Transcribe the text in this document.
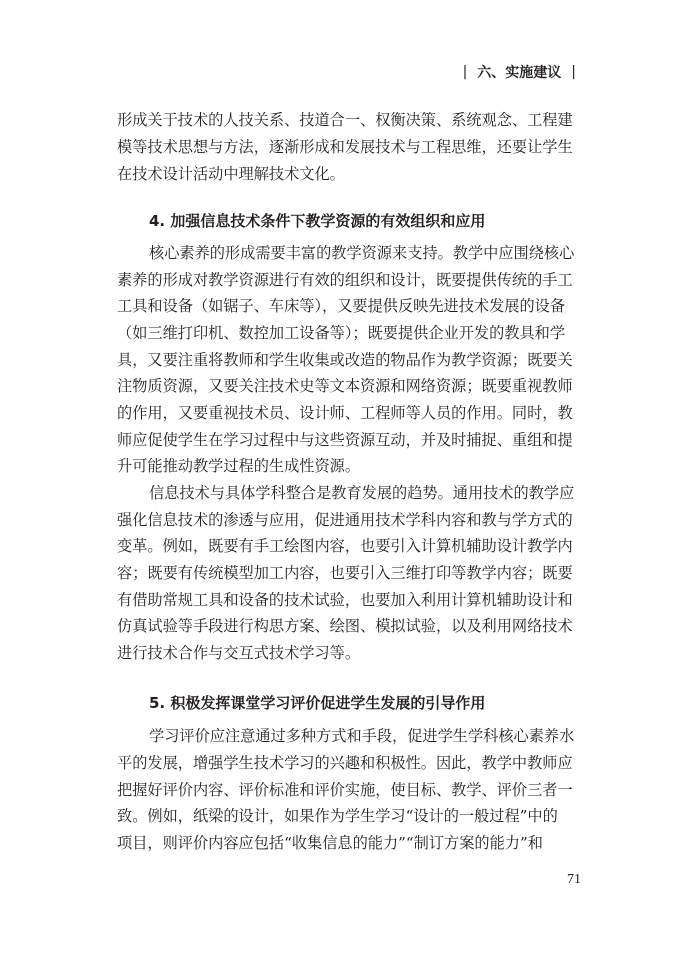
| 六、实施建议 |
形成关于技术的人技关系、技道合一、权衡决策、系统观念、工程建
模等技术思想与方法，逐渐形成和发展技术与工程思维，还要让学生
在技术设计活动中理解技术文化。
4. 加强信息技术条件下教学资源的有效组织和应用
核心素养的形成需要丰富的教学资源来支持。教学中应围绕核心
素养的形成对教学资源进行有效的组织和设计，既要提供传统的手工
工具和设备（如锯子、车床等），又要提供反映先进技术发展的设备
（如三维打印机、数控加工设备等）；既要提供企业开发的教具和学
具，又要注重将教师和学生收集或改造的物品作为教学资源；既要关
注物质资源，又要关注技术史等文本资源和网络资源；既要重视教师
的作用，又要重视技术员、设计师、工程师等人员的作用。同时，教
师应促使学生在学习过程中与这些资源互动，并及时捕捉、重组和提
升可能推动教学过程的生成性资源。
信息技术与具体学科整合是教育发展的趋势。通用技术的教学应
强化信息技术的渗透与应用，促进通用技术学科内容和教与学方式的
变革。例如，既要有手工绘图内容，也要引入计算机辅助设计教学内
容；既要有传统模型加工内容，也要引入三维打印等教学内容；既要
有借助常规工具和设备的技术试验，也要加入利用计算机辅助设计和
仿真试验等手段进行构思方案、绘图、模拟试验，以及利用网络技术
进行技术合作与交互式技术学习等。
5. 积极发挥课堂学习评价促进学生发展的引导作用
学习评价应注意通过多种方式和手段，促进学生学科核心素养水
平的发展，增强学生技术学习的兴趣和积极性。因此，教学中教师应
把握好评价内容、评价标准和评价实施，使目标、教学、评价三者一
致。例如，纸梁的设计，如果作为学生学习“设计的一般过程”中的
项目，则评价内容应包括“收集信息的能力”“制订方案的能力”和
71
